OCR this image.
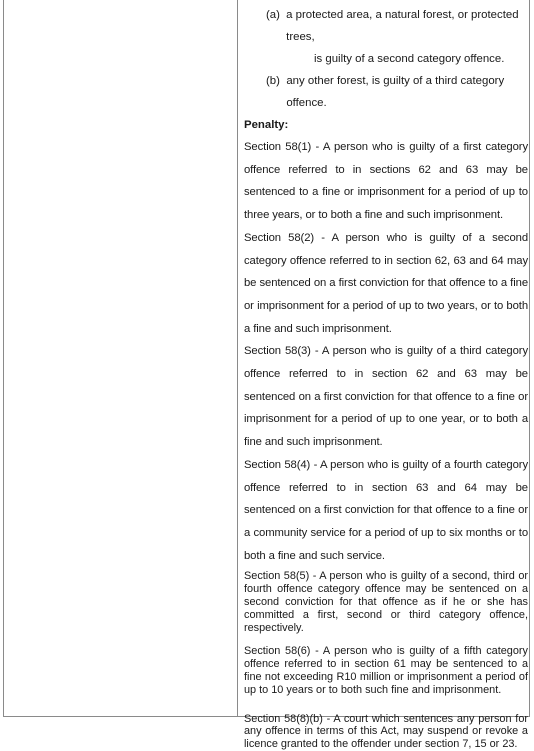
(a) a protected area, a natural forest, or protected trees,

is guilty of a second category offence.

(b) any other forest, is guilty of a third category offence.

Penalty:

Section 58(1) - A person who is guilty of a first category offence referred to in sections 62 and 63 may be sentenced to a fine or imprisonment for a period of up to three years, or to both a fine and such imprisonment.

Section 58(2) - A person who is guilty of a second category offence referred to in section 62, 63 and 64 may be sentenced on a first conviction for that offence to a fine or imprisonment for a period of up to two years, or to both a fine and such imprisonment.

Section 58(3) - A person who is guilty of a third category offence referred to in section 62 and 63 may be sentenced on a first conviction for that offence to a fine or imprisonment for a period of up to one year, or to both a fine and such imprisonment.

Section 58(4) - A person who is guilty of a fourth category offence referred to in section 63 and 64 may be sentenced on a first conviction for that offence to a fine or a community service for a period of up to six months or to both a fine and such service.

Section 58(5) - A person who is guilty of a second, third or fourth offence category offence may be sentenced on a second conviction for that offence as if he or she has committed a first, second or third category offence, respectively.

Section 58(6) - A person who is guilty of a fifth category offence referred to in section 61 may be sentenced to a fine not exceeding R10 million or imprisonment a period of up to 10 years or to both such fine and imprisonment.

Section 58(8)(b) - A court which sentences any person for any offence in terms of this Act, may suspend or revoke a licence granted to the offender under section 7, 15 or 23.
